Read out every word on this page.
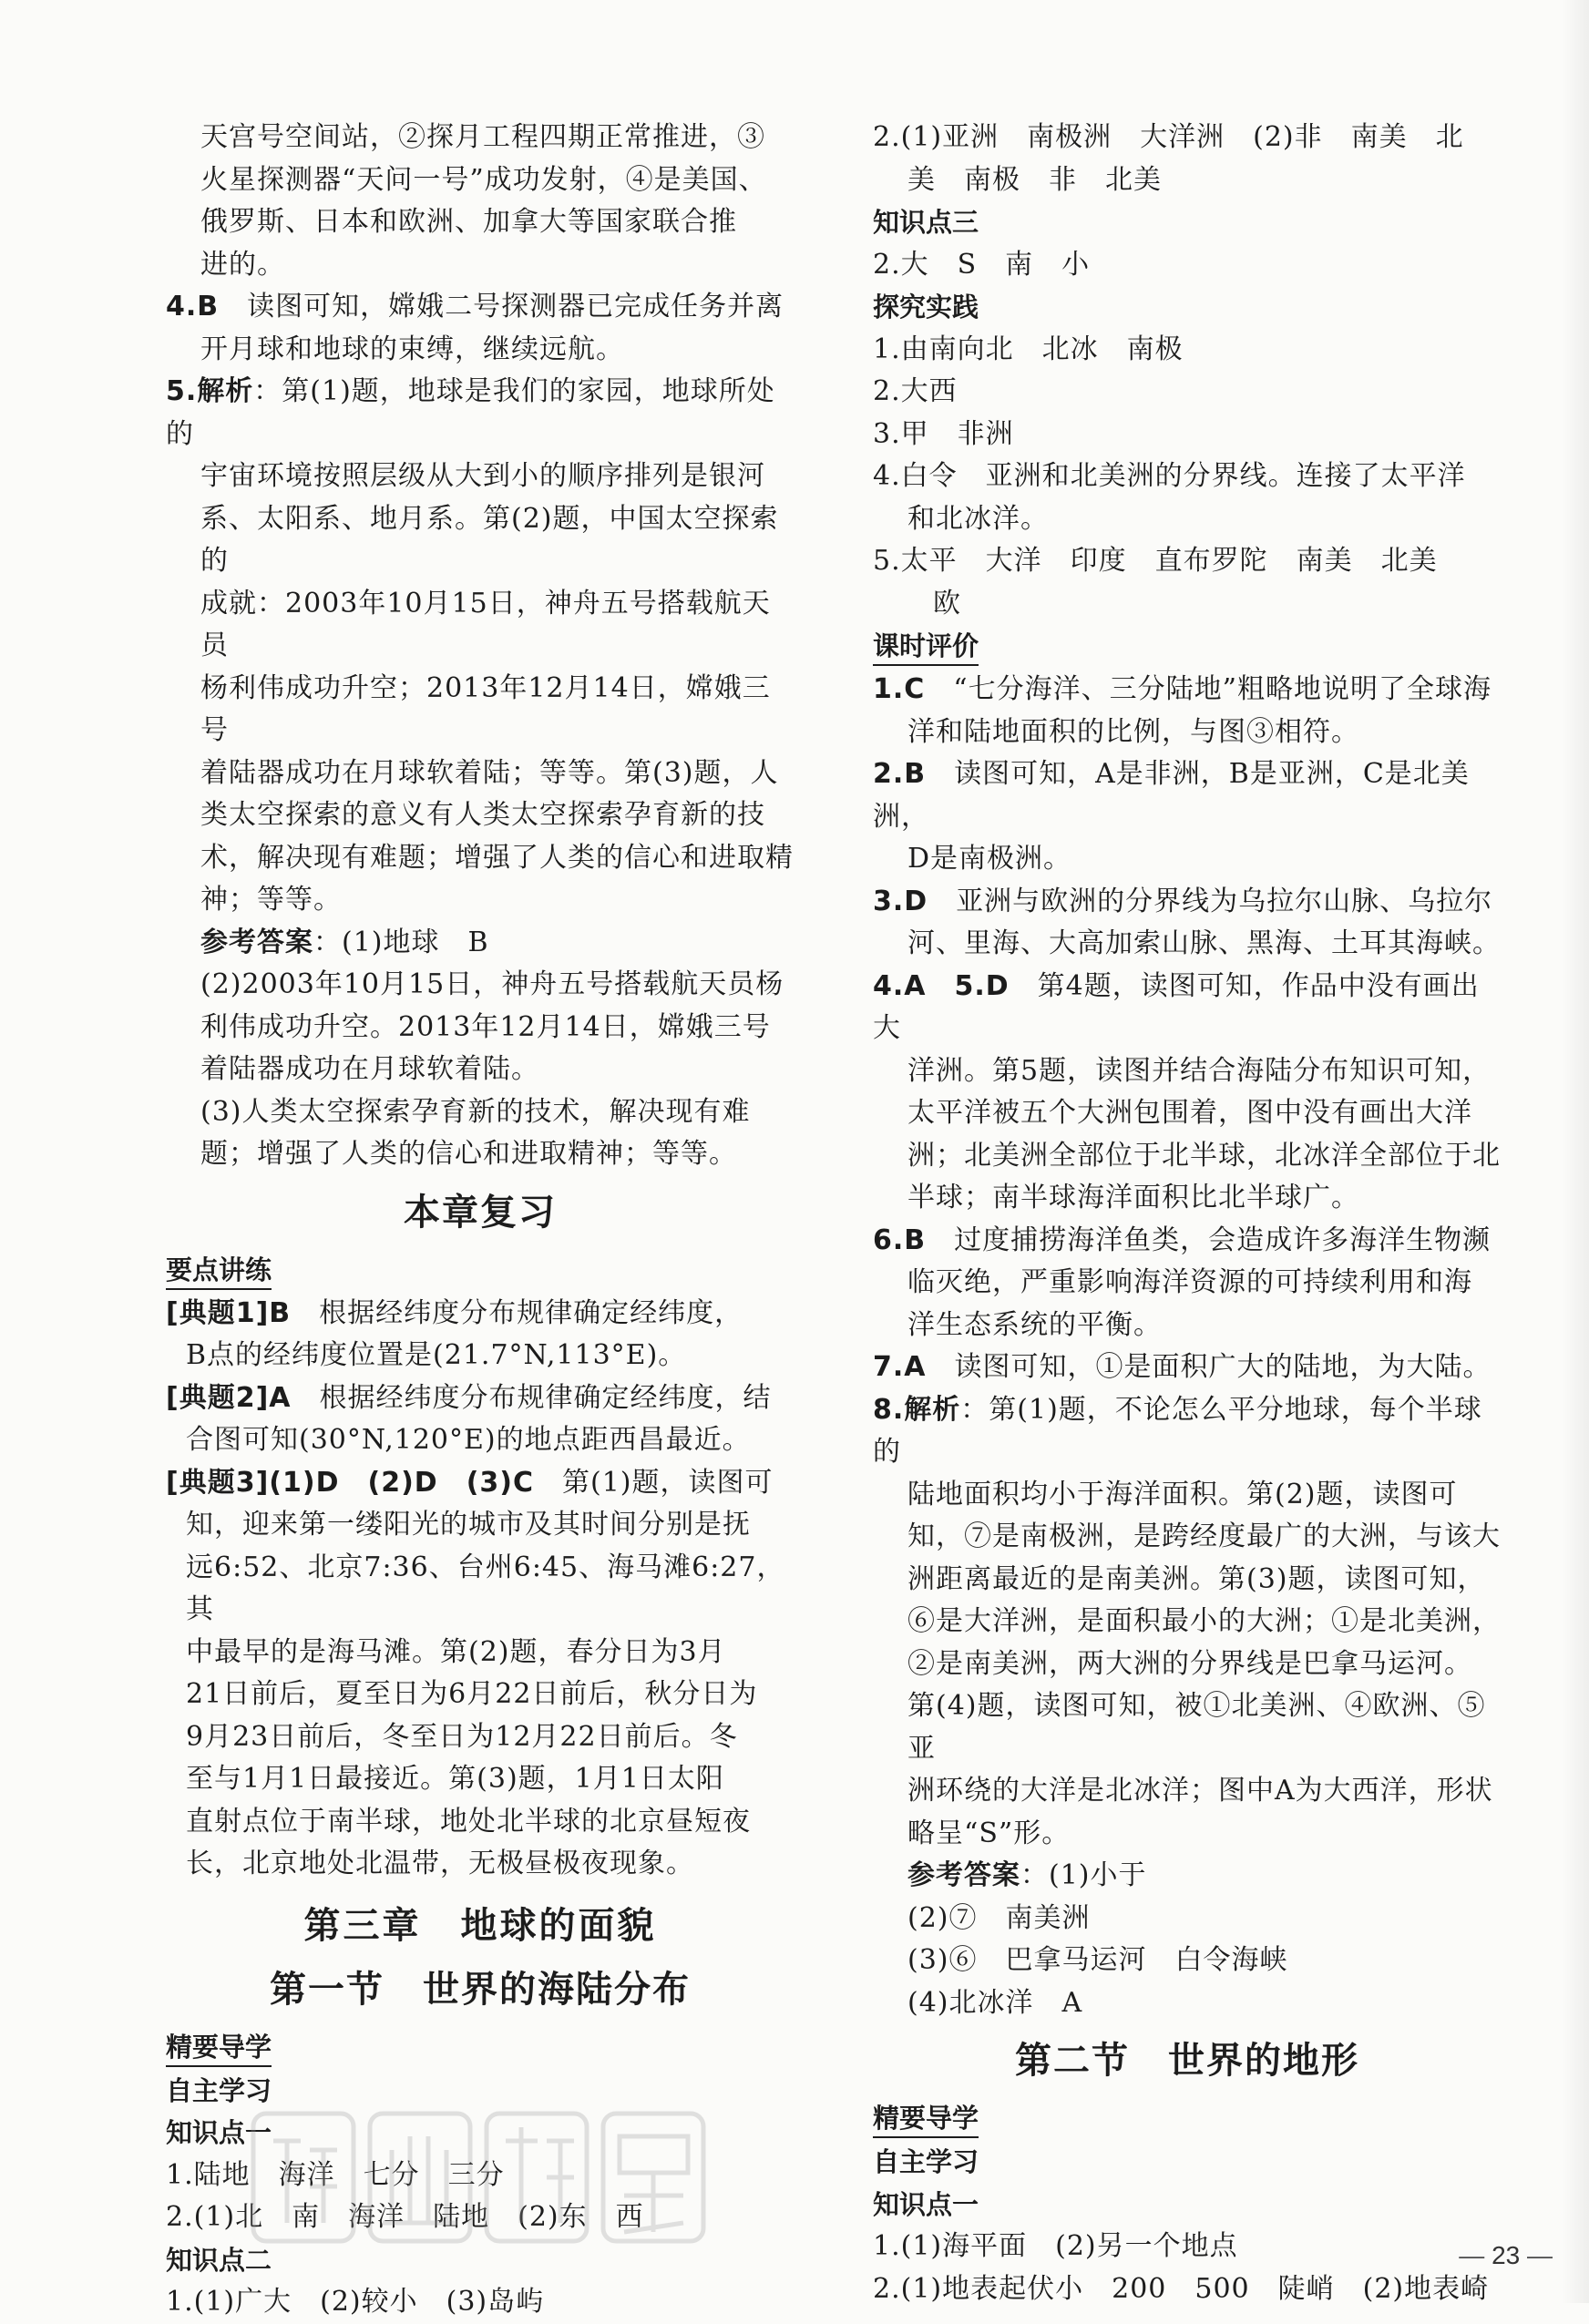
天宫号空间站，②探月工程四期正常推进，③

火星探测器“天问一号”成功发射，④是美国、

俄罗斯、日本和欧洲、加拿大等国家联合推

进的。

4.B　 读图可知，嫦娥二号探测器已完成任务并离

开月球和地球的束缚，继续远航。

5.解析：第(1)题，地球是我们的家园，地球所处的

宇宙环境按照层级从大到小的顺序排列是银河

系、太阳系、地月系。第(2)题，中国太空探索的

成就：2003年10月15日，神舟五号搭载航天员

杨利伟成功升空；2013年12月14日，嫦娥三号

着陆器成功在月球软着陆；等等。第(3)题，人

类太空探索的意义有人类太空探索孕育新的技

术，解决现有难题；增强了人类的信心和进取精

神；等等。

参考答案：(1)地球　B

(2)2003年10月15日，神舟五号搭载航天员杨

利伟成功升空。2013年12月14日，嫦娥三号

着陆器成功在月球软着陆。

(3)人类太空探索孕育新的技术，解决现有难

题；增强了人类的信心和进取精神；等等。

本章复习
要点讲练

[典题1]B　 根据经纬度分布规律确定经纬度，

B点的经纬度位置是(21.7°N,113°E)。

[典题2]A　 根据经纬度分布规律确定经纬度，结

合图可知(30°N,120°E)的地点距西昌最近。

[典题3](1)D　(2)D　(3)C　 第(1)题，读图可

知，迎来第一缕阳光的城市及其时间分别是抚

远6:52、北京7:36、台州6:45、海马滩6:27，其

中最早的是海马滩。第(2)题，春分日为3月

21日前后，夏至日为6月22日前后，秋分日为

9月23日前后，冬至日为12月22日前后。冬

至与1月1日最接近。第(3)题，1月1日太阳

直射点位于南半球，地处北半球的北京昼短夜

长，北京地处北温带，无极昼极夜现象。

第三章　地球的面貌
第一节　世界的海陆分布
精要导学

自主学习

知识点一

1.陆地　海洋　七分　三分

2.(1)北　南　海洋　陆地　(2)东　西

知识点二

1.(1)广大　(2)较小　(3)岛屿

2.(1)亚洲　南极洲　大洋洲　(2)非　南美　北

美　南极　非　北美

知识点三

2.大　S　南　小

探究实践

1.由南向北　北冰　南极

2.大西

3.甲　非洲

4.白令　亚洲和北美洲的分界线。连接了太平洋

和北冰洋。

5.太平　大洋　印度　直布罗陀　南美　北美

欧

课时评价

1.C　 “七分海洋、三分陆地”粗略地说明了全球海

洋和陆地面积的比例，与图③相符。

2.B　 读图可知，A是非洲，B是亚洲，C是北美洲，

D是南极洲。

3.D　 亚洲与欧洲的分界线为乌拉尔山脉、乌拉尔

河、里海、大高加索山脉、黑海、土耳其海峡。

4.A　5.D　 第4题，读图可知，作品中没有画出大

洋洲。第5题，读图并结合海陆分布知识可知，

太平洋被五个大洲包围着，图中没有画出大洋

洲；北美洲全部位于北半球，北冰洋全部位于北

半球；南半球海洋面积比北半球广。

6.B　 过度捕捞海洋鱼类，会造成许多海洋生物濒

临灭绝，严重影响海洋资源的可持续利用和海

洋生态系统的平衡。

7.A　 读图可知，①是面积广大的陆地，为大陆。

8.解析：第(1)题，不论怎么平分地球，每个半球的

陆地面积均小于海洋面积。第(2)题，读图可

知，⑦是南极洲，是跨经度最广的大洲，与该大

洲距离最近的是南美洲。第(3)题，读图可知，

⑥是大洋洲，是面积最小的大洲；①是北美洲，

②是南美洲，两大洲的分界线是巴拿马运河。

第(4)题，读图可知，被①北美洲、④欧洲、⑤亚

洲环绕的大洋是北冰洋；图中A为大西洋，形状

略呈“S”形。

参考答案：(1)小于

(2)⑦　南美洲

(3)⑥　巴拿马运河　白令海峡

(4)北冰洋　A

第二节　世界的地形
精要导学

自主学习

知识点一

1.(1)海平面　(2)另一个地点

2.(1)地表起伏小　200　500　陡峭　(2)地表崎

— 23 —
